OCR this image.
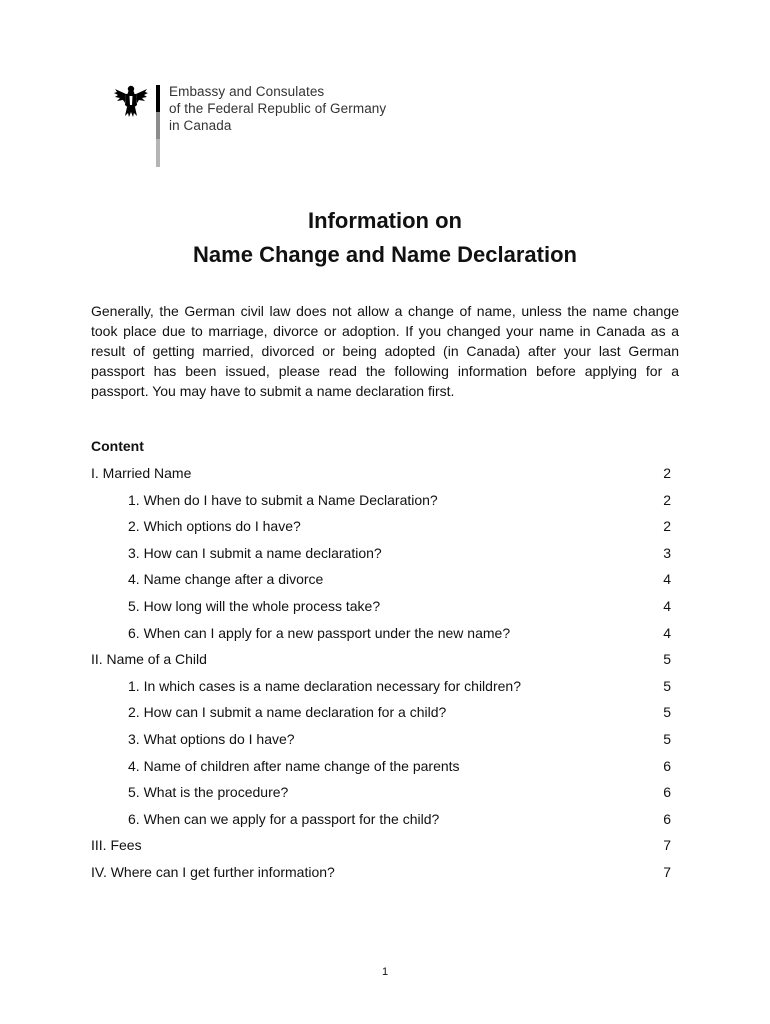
Embassy and Consulates
of the Federal Republic of Germany
in Canada
Information on
Name Change and Name Declaration

Generally, the German civil law does not allow a change of name, unless the name change took place due to marriage, divorce or adoption. If you changed your name in Canada as a result of getting married, divorced or being adopted (in Canada) after your last German passport has been issued, please read the following information before applying for a passport. You may have to submit a name declaration first.

Content
I. Married Name	2
1. When do I have to submit a Name Declaration?	2
2. Which options do I have?	2
3. How can I submit a name declaration?	3
4. Name change after a divorce	4
5. How long will the whole process take?	4
6. When can I apply for a new passport under the new name?	4
II. Name of a Child	5
1. In which cases is a name declaration necessary for children?	5
2. How can I submit a name declaration for a child?	5
3. What options do I have?	5
4. Name of children after name change of the parents	6
5. What is the procedure?	6
6. When can we apply for a passport for the child?	6
III. Fees	7
IV. Where can I get further information?	7
1
